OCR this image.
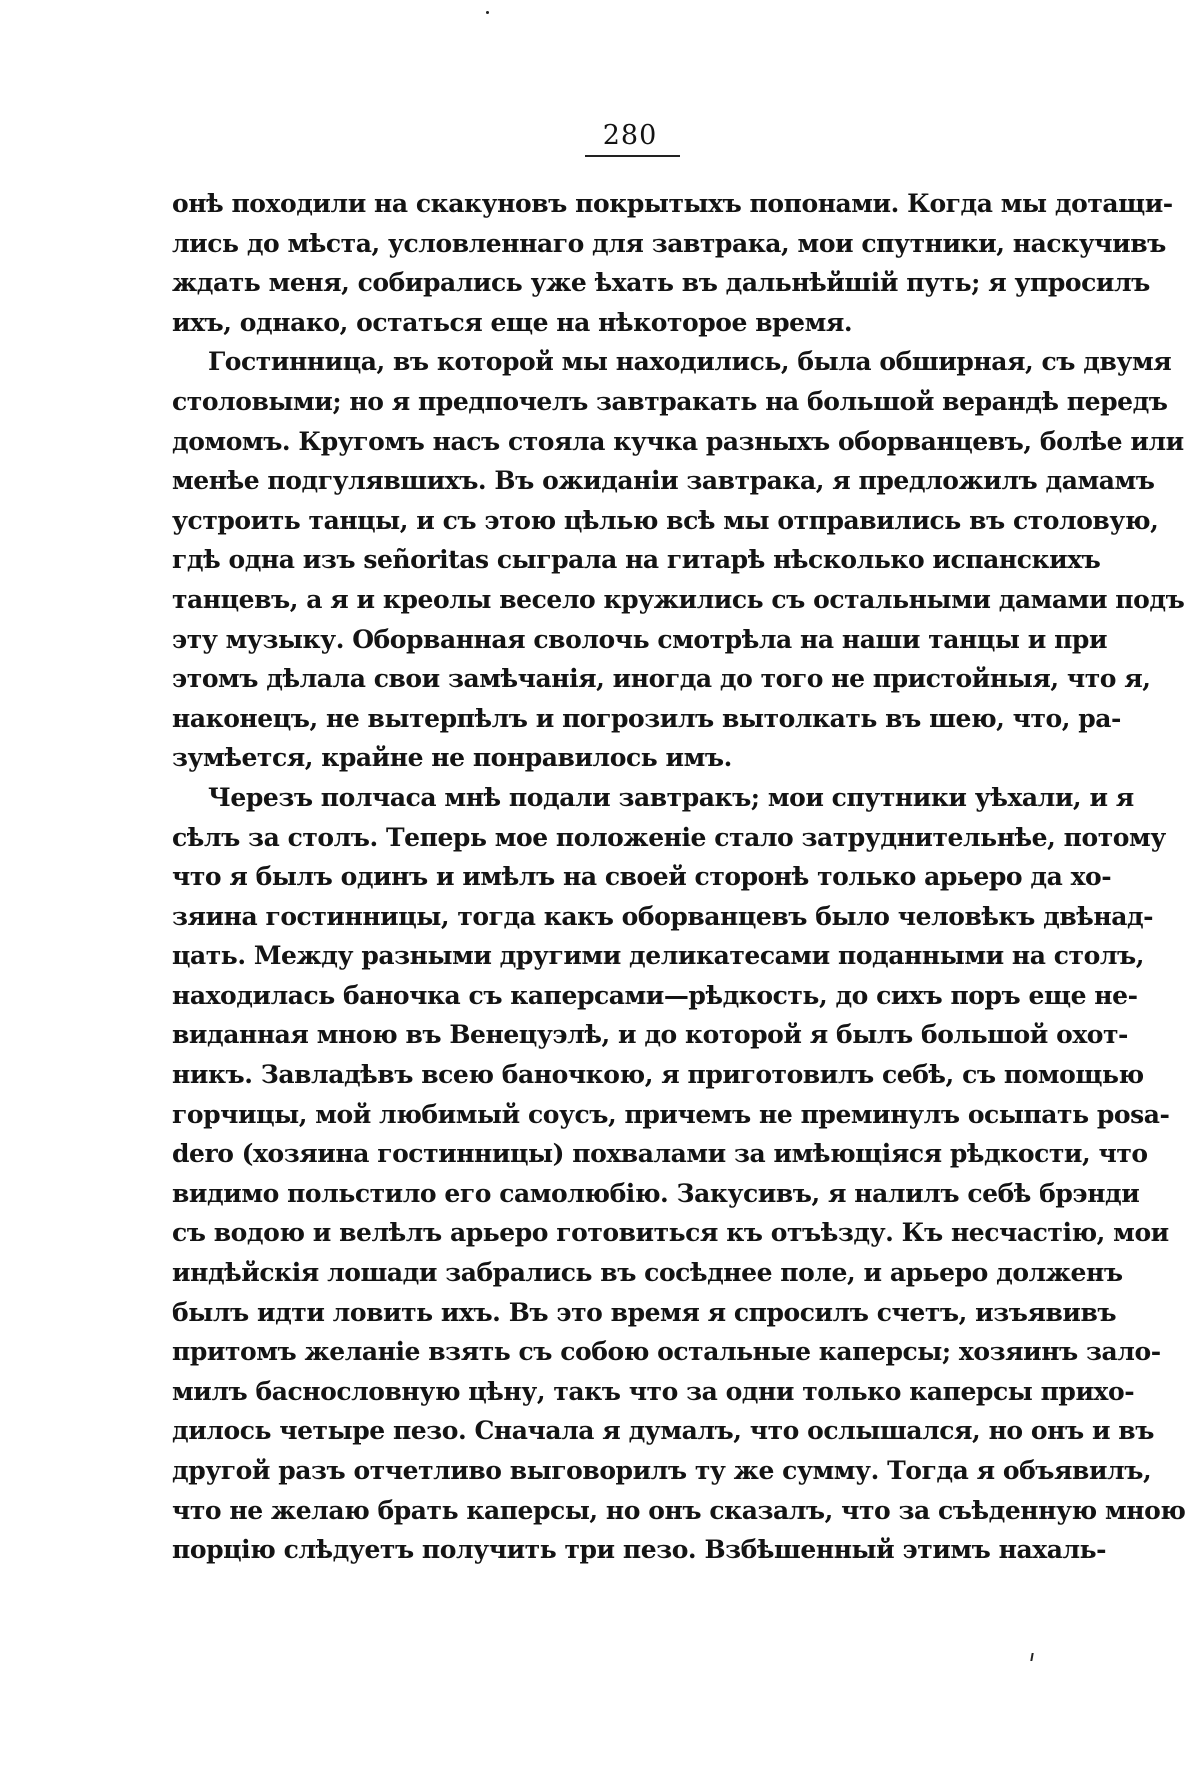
280

онѣ походили на скакуновъ покрытыхъ попонами. Когда мы дотащи-
лись до мѣста, условленнаго для завтрака, мои спутники, наскучивъ
ждать меня, собирались уже ѣхать въ дальнѣйшій путь; я упросилъ
ихъ, однако, остаться еще на нѣкоторое время.

Гостинница, въ которой мы находились, была обширная, съ двумя
столовыми; но я предпочелъ завтракать на большой верандѣ передъ
домомъ. Кругомъ насъ стояла кучка разныхъ оборванцевъ, болѣе или
менѣе подгулявшихъ. Въ ожиданіи завтрака, я предложилъ дамамъ
устроить танцы, и съ этою цѣлью всѣ мы отправились въ столовую,
гдѣ одна изъ señoritas сыграла на гитарѣ нѣсколько испанскихъ
танцевъ, а я и креолы весело кружились съ остальными дамами подъ
эту музыку. Оборванная сволочь смотрѣла на наши танцы и при
этомъ дѣлала свои замѣчанія, иногда до того не пристойныя, что я,
наконецъ, не вытерпѣлъ и погрозилъ вытолкать въ шею, что, ра-
зумѣется, крайне не понравилось имъ.

Черезъ полчаса мнѣ подали завтракъ; мои спутники уѣхали, и я
сѣлъ за столъ. Теперь мое положеніе стало затруднительнѣе, потому
что я былъ одинъ и имѣлъ на своей сторонѣ только арьеро да хо-
зяина гостинницы, тогда какъ оборванцевъ было человѣкъ двѣнад-
цать. Между разными другими деликатесами поданными на столъ,
находилась баночка съ каперсами—рѣдкость, до сихъ поръ еще не-
виданная мною въ Венецуэлѣ, и до которой я былъ большой охот-
никъ. Завладѣвъ всею баночкою, я приготовилъ себѣ, съ помощью
горчицы, мой любимый соусъ, причемъ не преминулъ осыпать роsa-
dero (хозяина гостинницы) похвалами за имѣющіяся рѣдкости, что
видимо польстило его самолюбію. Закусивъ, я налилъ себѣ брэнди
съ водою и велѣлъ арьеро готовиться къ отъѣзду. Къ несчастію, мои
индѣйскія лошади забрались въ сосѣднее поле, и арьеро долженъ
былъ идти ловить ихъ. Въ это время я спросилъ счетъ, изъявивъ
притомъ желаніе взять съ собою остальные каперсы; хозяинъ зало-
милъ баснословную цѣну, такъ что за одни только каперсы прихо-
дилось четыре пезо. Сначала я думалъ, что ослышался, но онъ и въ
другой разъ отчетливо выговорилъ ту же сумму. Тогда я объявилъ,
что не желаю брать каперсы, но онъ сказалъ, что за съѣденную мною
порцію слѣдуетъ получить три пезо. Взбѣшенный этимъ нахаль-
